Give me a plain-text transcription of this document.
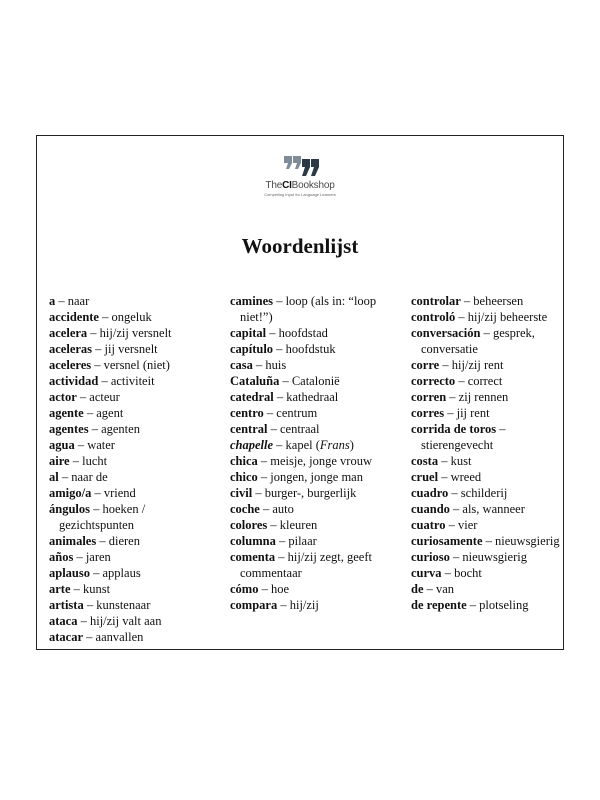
TheCIBookshop
Compelling Input for Language Learners
Woordenlijst
a – naar
accidente – ongeluk
acelera – hij/zij versnelt
aceleras – jij versnelt
aceleres – versnel (niet)
actividad – activiteit
actor – acteur
agente – agent
agentes – agenten
agua – water
aire – lucht
al – naar de
amigo/a – vriend
ángulos – hoeken / gezichtspunten
animales – dieren
años – jaren
aplauso – applaus
arte – kunst
artista – kunstenaar
ataca – hij/zij valt aan
atacar – aanvallen
camines – loop (als in: “loop niet!”)
capital – hoofdstad
capítulo – hoofdstuk
casa – huis
Cataluña – Catalonië
catedral – kathedraal
centro – centrum
central – centraal
chapelle – kapel (Frans)
chica – meisje, jonge vrouw
chico – jongen, jonge man
civil – burger-, burgerlijk
coche – auto
colores – kleuren
columna – pilaar
comenta – hij/zij zegt, geeft commentaar
cómo – hoe
compara – hij/zij
controlar – beheersen
controló – hij/zij beheerste
conversación – gesprek, conversatie
corre – hij/zij rent
correcto – correct
corren – zij rennen
corres – jij rent
corrida de toros – stierengevecht
costa – kust
cruel – wreed
cuadro – schilderij
cuando – als, wanneer
cuatro – vier
curiosamente – nieuwsgierig
curioso – nieuwsgierig
curva – bocht
de – van
de repente – plotseling
